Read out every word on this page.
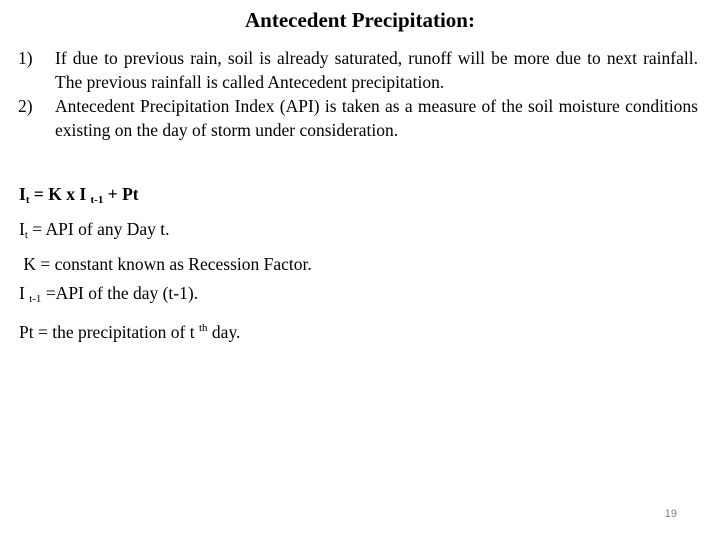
Antecedent Precipitation:
1)	If due to previous rain, soil is already saturated, runoff will be more due to next rainfall. The previous rainfall is called Antecedent precipitation.
2)	Antecedent Precipitation Index (API) is taken as a measure of the soil moisture conditions existing on the day of storm under consideration.
$I_t = K$ x I $_{t-1}$ + Pt
$I_t$ = API of any Day t.
K = constant known as Recession Factor.
I $_{t-1}$ =API of the day (t-1).
Pt = the precipitation of t $^{th}$ day.
19
